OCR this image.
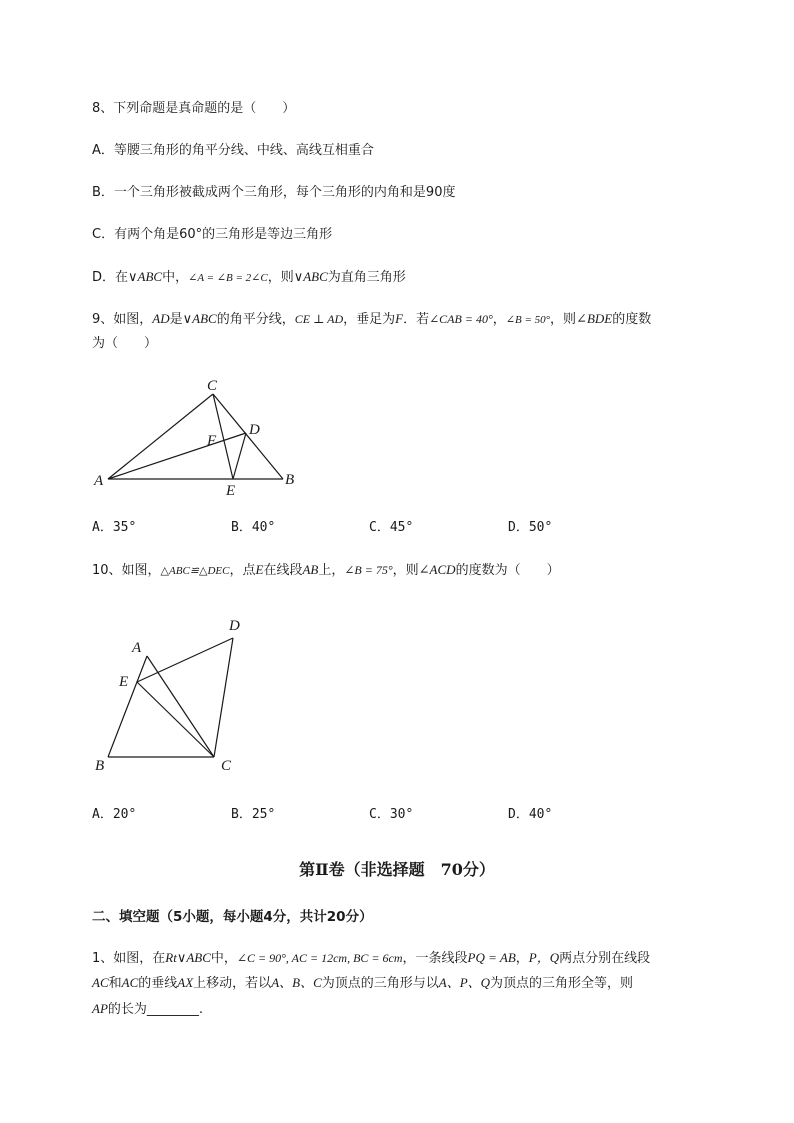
8、下列命题是真命题的是（　　）
A．等腰三角形的角平分线、中线、高线互相重合
B．一个三角形被截成两个三角形，每个三角形的内角和是90度
C．有两个角是60°的三角形是等边三角形
D．在∨ABC中，∠A = ∠B = 2∠C，则∨ABC为直角三角形
9、如图，AD是∨ABC的角平分线，CE ⊥ AD，垂足为F．若∠CAB = 40°，∠B = 50°，则∠BDE的度数
为（　　）
A	B
C
D
E
F
A．35°	B．40°	C．45°	D．50°
10、如图，△ABC≌△DEC，点E在线段AB上，∠B = 75°，则∠ACD的度数为（　　）
A
B	C
D
E
A．20°	B．25°	C．30°	D．40°
第Ⅱ卷（非选择题　70分）
二、填空题（5小题，每小题4分，共计20分）
1、如图，在Rt∨ABC中，∠C = 90°, AC = 12cm, BC = 6cm，一条线段PQ = AB，P，Q两点分别在线段
AC和AC的垂线AX上移动，若以A、B、C为顶点的三角形与以A、P、Q为顶点的三角形全等，则
AP的长为________.
